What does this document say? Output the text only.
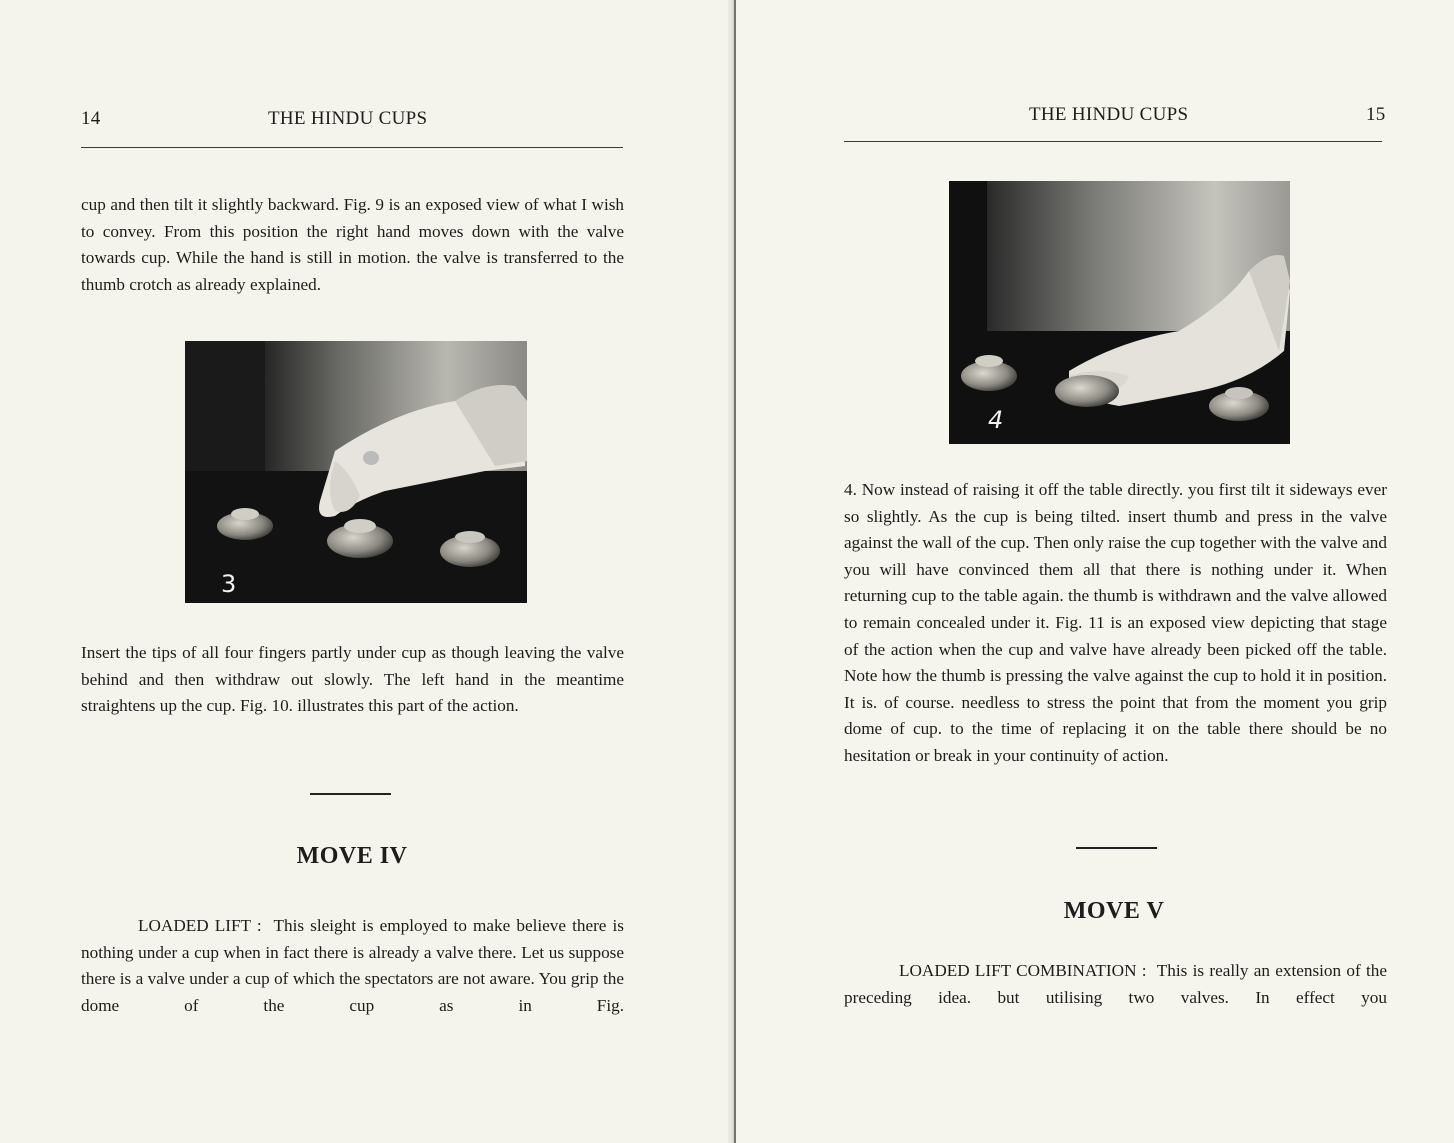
14	THE HINDU CUPS

cup and then tilt it slightly backward. Fig. 9 is an exposed view of what I wish to convey. From this position the right hand moves down with the valve towards cup. While the hand is still in motion. the valve is transferred to the thumb crotch as already explained.

3

Insert the tips of all four fingers partly under cup as though leaving the valve behind and then withdraw out slowly. The left hand in the meantime straightens up the cup. Fig. 10. illustrates this part of the action.

MOVE IV

LOADED LIFT : This sleight is employed to make believe there is nothing under a cup when in fact there is already a valve there. Let us suppose there is a valve under a cup of which the spectators are not aware. You grip the dome of the cup as in Fig.

THE HINDU CUPS	15
4

4. Now instead of raising it off the table directly. you first tilt it sideways ever so slightly. As the cup is being tilted. insert thumb and press in the valve against the wall of the cup. Then only raise the cup together with the valve and you will have convinced them all that there is nothing under it. When returning cup to the table again. the thumb is withdrawn and the valve allowed to remain concealed under it. Fig. 11 is an exposed view depicting that stage of the action when the cup and valve have already been picked off the table. Note how the thumb is pressing the valve against the cup to hold it in position. It is. of course. needless to stress the point that from the moment you grip dome of cup. to the time of replacing it on the table there should be no hesitation or break in your continuity of action.

MOVE V

LOADED LIFT COMBINATION : This is really an extension of the preceding idea. but utilising two valves. In effect you
